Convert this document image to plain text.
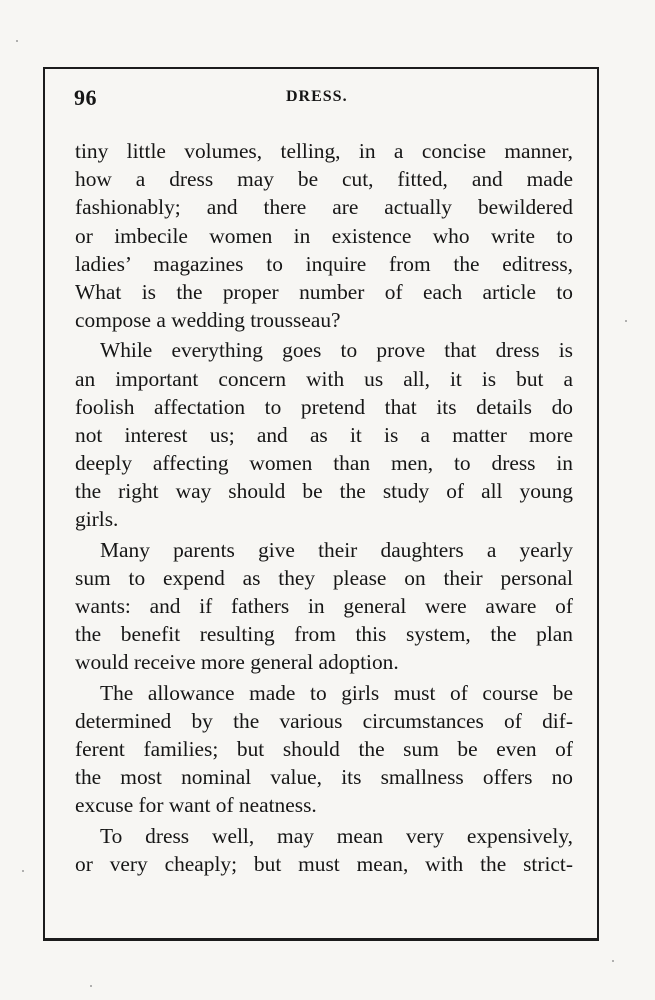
96	DRESS.
tiny little volumes, telling, in a concise manner,
how a dress may be cut, fitted, and made
fashionably; and there are actually bewildered
or imbecile women in existence who write to
ladies’ magazines to inquire from the editress,
What is the proper number of each article to
compose a wedding trousseau?
While everything goes to prove that dress is
an important concern with us all, it is but a
foolish affectation to pretend that its details do
not interest us; and as it is a matter more
deeply affecting women than men, to dress in
the right way should be the study of all young
girls.
Many parents give their daughters a yearly
sum to expend as they please on their personal
wants: and if fathers in general were aware of
the benefit resulting from this system, the plan
would receive more general adoption.
The allowance made to girls must of course be
determined by the various circumstances of dif-
ferent families; but should the sum be even of
the most nominal value, its smallness offers no
excuse for want of neatness.
To dress well, may mean very expensively,
or very cheaply; but must mean, with the strict-
